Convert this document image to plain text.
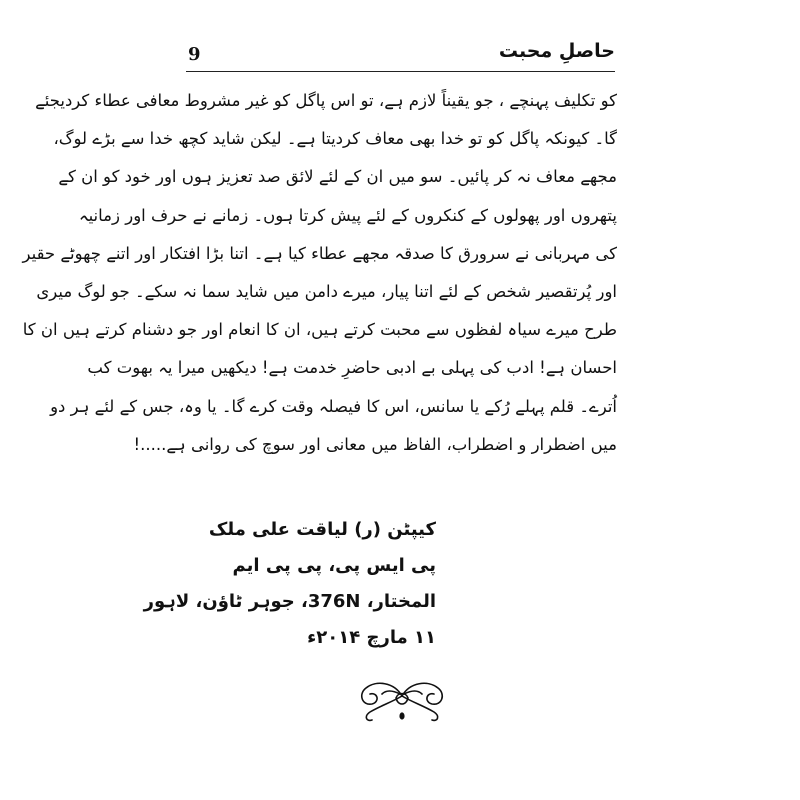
9	حاصلِ محبت
کو تکلیف پہنچے ، جو یقیناً لازم ہے، تو اس پاگل کو غیر مشروط معافی عطاء کردیجئے
گا۔ کیونکہ پاگل کو تو خدا بھی معاف کردیتا ہے۔ لیکن شاید کچھ خدا سے بڑے لوگ،
مجھے معاف نہ کر پائیں۔ سو میں ان کے لئے لائق صد تعزیز ہوں اور خود کو ان کے
پتھروں اور پھولوں کے کنکروں کے لئے پیش کرتا ہوں۔ زمانے نے حرف اور زمانیہ
کی مہربانی نے سرورق کا صدقہ مجھے عطاء کیا ہے۔ اتنا بڑا افتکار اور اتنے چھوٹے حقیر
اور پُرتقصیر شخص کے لئے اتنا پیار، میرے دامن میں شاید سما نہ سکے۔ جو لوگ میری
طرح میرے سیاہ لفظوں سے محبت کرتے ہیں، ان کا انعام اور جو دشنام کرتے ہیں ان کا
احسان ہے! ادب کی پہلی بے ادبی حاضرِ خدمت ہے! دیکھیں میرا یہ بھوت کب
اُترے۔ قلم پہلے رُکے یا سانس، اس کا فیصلہ وقت کرے گا۔ یا وہ، جس کے لئے ہر دو
میں اضطرار و اضطراب، الفاظ میں معانی اور سوچ کی روانی ہے.....!
کیپٹن (ر) لیاقت علی ملک
پی ایس پی، پی پی ایم
المختار، 376N، جوہر ٹاؤن، لاہور
۱۱ مارچ ۲۰۱۴ء
